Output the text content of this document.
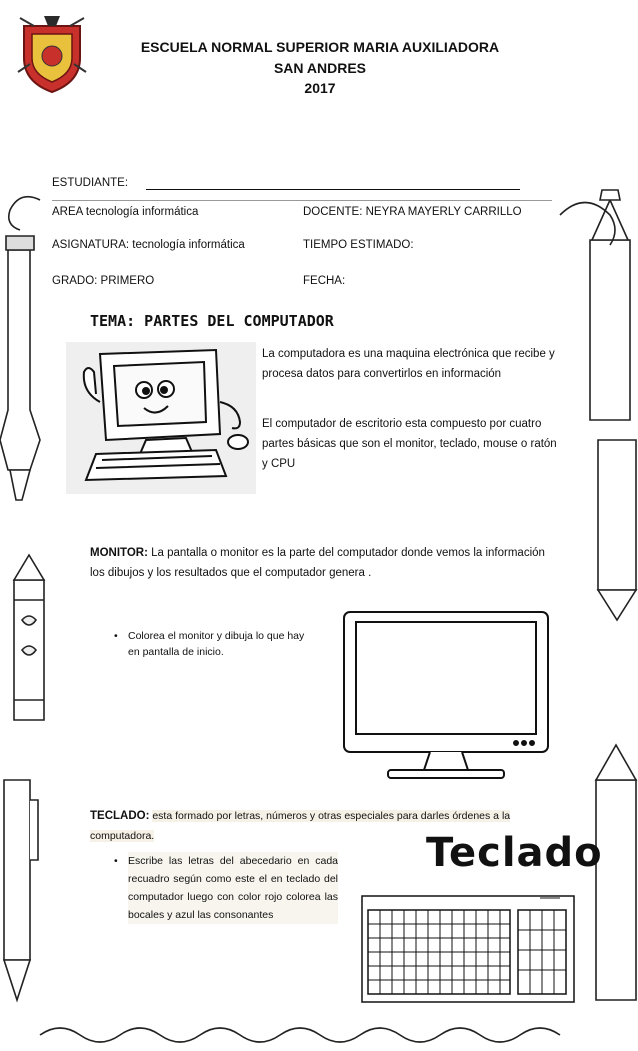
ESCUELA NORMAL SUPERIOR MARIA AUXILIADORA
SAN ANDRES
2017
ESTUDIANTE:
AREA tecnología informática	DOCENTE: NEYRA MAYERLY CARRILLO
ASIGNATURA: tecnología informática	TIEMPO ESTIMADO:
GRADO: PRIMERO	FECHA:
TEMA: PARTES DEL COMPUTADOR
La computadora es una maquina electrónica que recibe y procesa datos para convertirlos en información
El computador de escritorio esta compuesto por cuatro partes básicas que son el monitor, teclado, mouse o ratón y CPU
MONITOR: La pantalla o monitor es la parte del computador donde vemos la información los dibujos y los resultados que el computador genera .
• Colorea el monitor y dibuja lo que hay en pantalla de inicio.
TECLADO: esta formado por letras, números y otras especiales para darles órdenes a la computadora.
• Escribe las letras del abecedario en cada recuadro según como este el en teclado del computador luego con color rojo colorea las bocales y azul las consonantes
Teclado
